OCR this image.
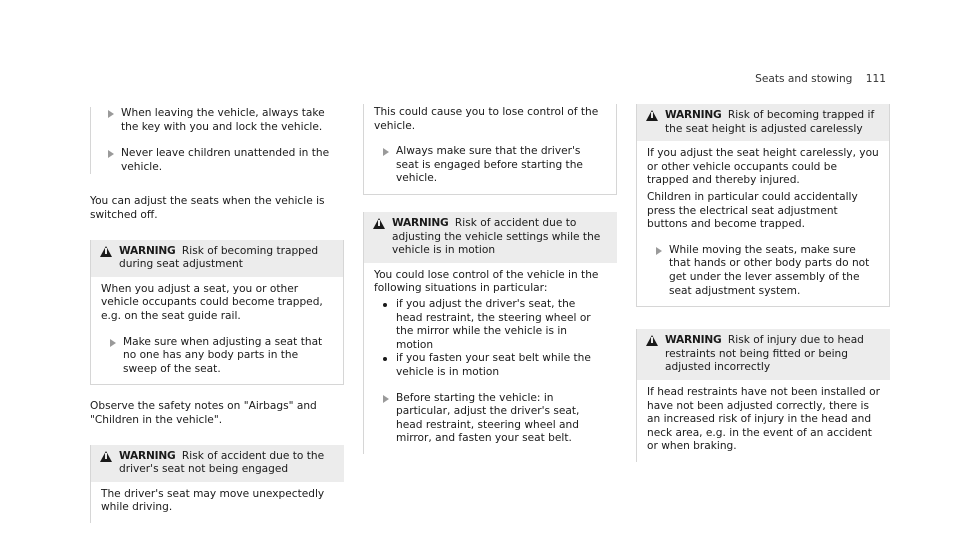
Seats and stowing 111

When leaving the vehicle, always take the key with you and lock the vehicle.

Never leave children unattended in the vehicle.

You can adjust the seats when the vehicle is switched off.

WARNING Risk of becoming trapped during seat adjustment

When you adjust a seat, you or other vehicle occupants could become trapped, e.g. on the seat guide rail.

Make sure when adjusting a seat that no one has any body parts in the sweep of the seat.

Observe the safety notes on "Airbags" and "Children in the vehicle".

WARNING Risk of accident due to the driver's seat not being engaged

The driver's seat may move unexpectedly while driving.

This could cause you to lose control of the vehicle.

Always make sure that the driver's seat is engaged before starting the vehicle.

WARNING Risk of accident due to adjusting the vehicle settings while the vehicle is in motion

You could lose control of the vehicle in the following situations in particular:

if you adjust the driver's seat, the head restraint, the steering wheel or the mirror while the vehicle is in motion
if you fasten your seat belt while the vehicle is in motion

Before starting the vehicle: in particular, adjust the driver's seat, head restraint, steering wheel and mirror, and fasten your seat belt.

WARNING Risk of becoming trapped if the seat height is adjusted carelessly

If you adjust the seat height carelessly, you or other vehicle occupants could be trapped and thereby injured.

Children in particular could accidentally press the electrical seat adjustment buttons and become trapped.

While moving the seats, make sure that hands or other body parts do not get under the lever assembly of the seat adjustment system.

WARNING Risk of injury due to head restraints not being fitted or being adjusted incorrectly

If head restraints have not been installed or have not been adjusted correctly, there is an increased risk of injury in the head and neck area, e.g. in the event of an accident or when braking.
